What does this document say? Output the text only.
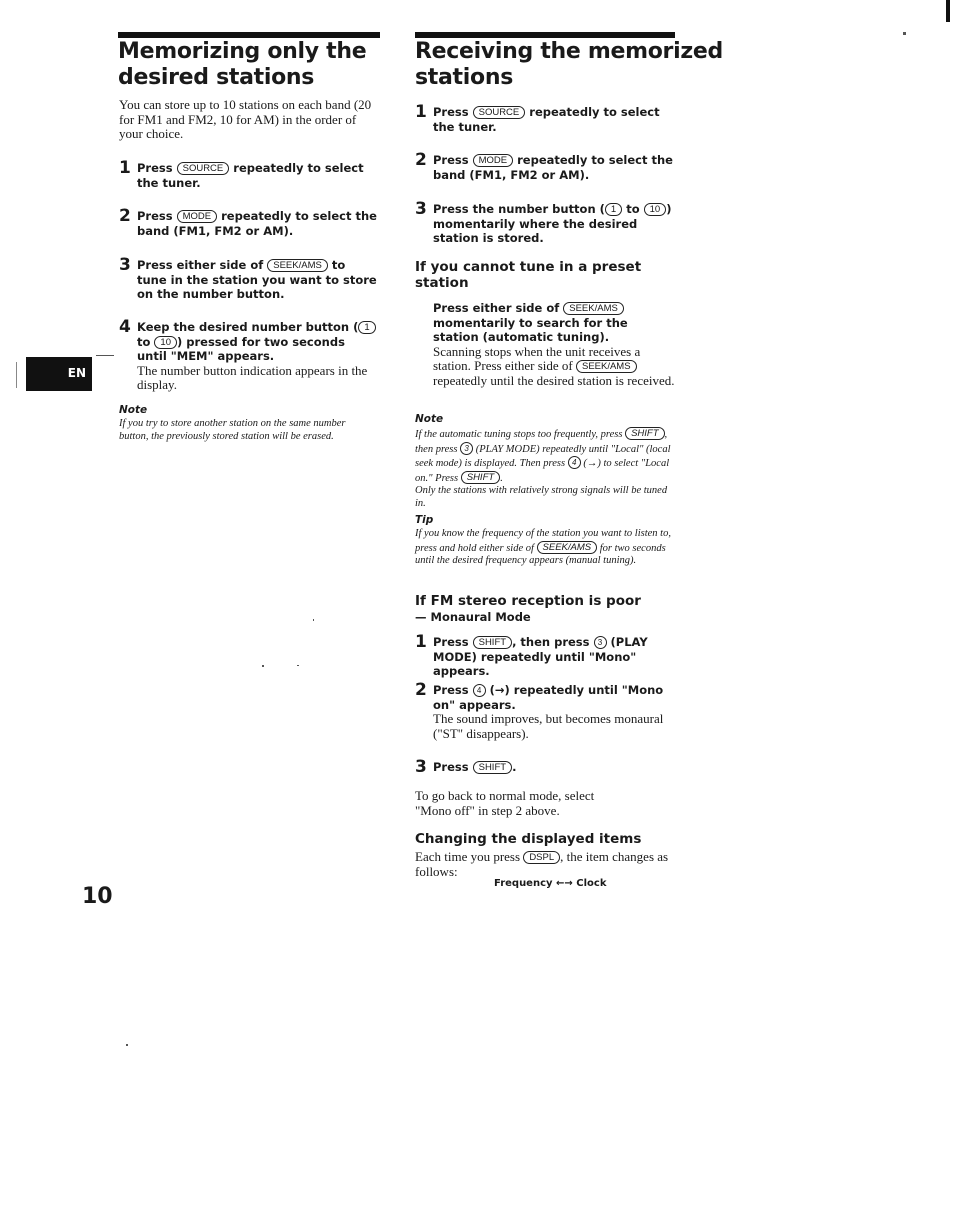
Memorizing only the
desired stations
You can store up to 10 stations on each band (20 for FM1 and FM2, 10 for AM) in the order of your choice.
1 Press SOURCE repeatedly to select the tuner.
2 Press MODE repeatedly to select the band (FM1, FM2 or AM).
3 Press either side of SEEK/AMS to tune in the station you want to store on the number button.
4 Keep the desired number button ( 1 to 10 ) pressed for two seconds until "MEM" appears.
The number button indication appears in the display.
Note
If you try to store another station on the same number button, the previously stored station will be erased.
EN
10
Receiving the memorized
stations
1 Press SOURCE repeatedly to select the tuner.
2 Press MODE repeatedly to select the band (FM1, FM2 or AM).
3 Press the number button ( 1 to 10 ) momentarily where the desired station is stored.
If you cannot tune in a preset station
Press either side of SEEK/AMS momentarily to search for the station (automatic tuning).
Scanning stops when the unit receives a station. Press either side of SEEK/AMS repeatedly until the desired station is received.
Note
If the automatic tuning stops too frequently, press SHIFT , then press 3 (PLAY MODE) repeatedly until "Local" (local seek mode) is displayed. Then press 4 (→) to select "Local on." Press SHIFT .
Only the stations with relatively strong signals will be tuned in.
Tip
If you know the frequency of the station you want to listen to, press and hold either side of SEEK/AMS for two seconds until the desired frequency appears (manual tuning).
If FM stereo reception is poor
— Monaural Mode
1 Press SHIFT , then press 3 (PLAY MODE) repeatedly until "Mono" appears.
2 Press 4 (→) repeatedly until "Mono on" appears.
The sound improves, but becomes monaural ("ST" disappears).
3 Press SHIFT .
To go back to normal mode, select "Mono off" in step 2 above.
Changing the displayed items
Each time you press DSPL , the item changes as follows:
Frequency ←→ Clock
